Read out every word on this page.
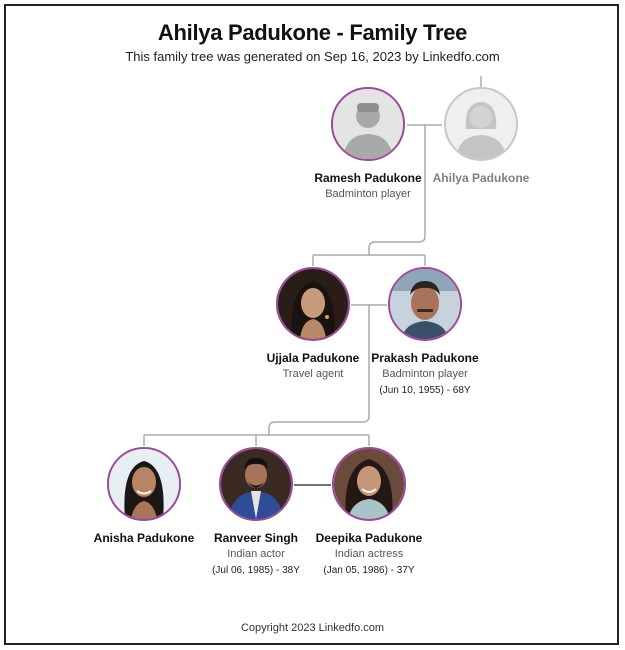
Ahilya Padukone - Family Tree
This family tree was generated on Sep 16, 2023 by Linkedfo.com
Ramesh Padukone
Badminton player
Ahilya Padukone
Ujjala Padukone
Travel agent
Prakash Padukone
Badminton player
(Jun 10, 1955) - 68Y
Anisha Padukone	Ranveer Singh
Indian actor
(Jul 06, 1985) - 38Y
Deepika Padukone
Indian actress
(Jan 05, 1986) - 37Y
Copyright 2023 Linkedfo.com
